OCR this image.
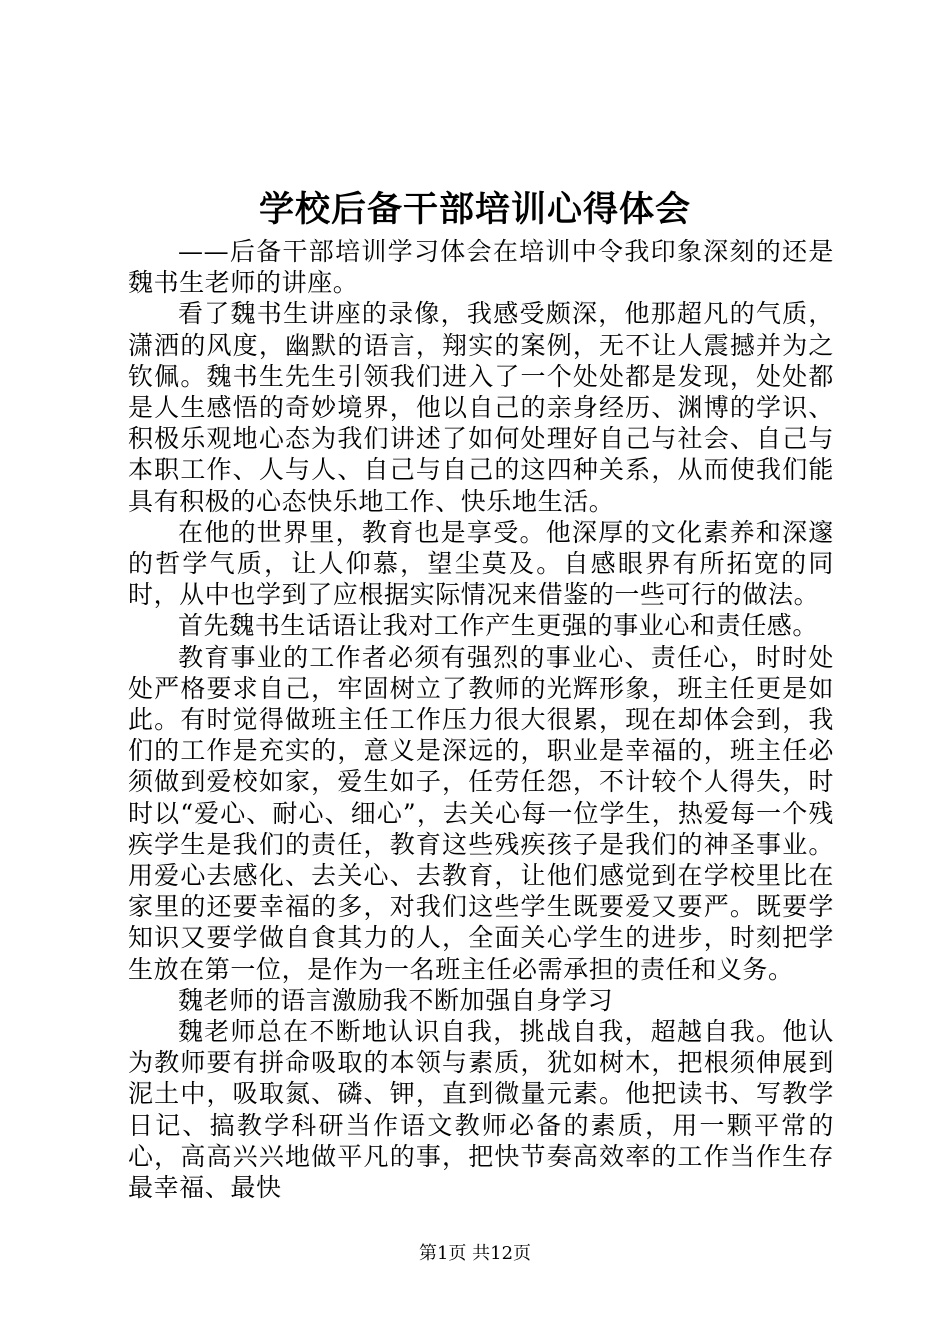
学校后备干部培训心得体会

——后备干部培训学习体会在培训中令我印象深刻的还是魏书生老师的讲座。

看了魏书生讲座的录像，我感受颇深，他那超凡的气质，潇洒的风度，幽默的语言，翔实的案例，无不让人震撼并为之钦佩。魏书生先生引领我们进入了一个处处都是发现，处处都是人生感悟的奇妙境界，他以自己的亲身经历、渊博的学识、积极乐观地心态为我们讲述了如何处理好自己与社会、自己与本职工作、人与人、自己与自己的这四种关系，从而使我们能具有积极的心态快乐地工作、快乐地生活。

在他的世界里，教育也是享受。他深厚的文化素养和深邃的哲学气质，让人仰慕，望尘莫及。自感眼界有所拓宽的同时，从中也学到了应根据实际情况来借鉴的一些可行的做法。

首先魏书生话语让我对工作产生更强的事业心和责任感。

教育事业的工作者必须有强烈的事业心、责任心，时时处处严格要求自己，牢固树立了教师的光辉形象，班主任更是如此。有时觉得做班主任工作压力很大很累，现在却体会到，我们的工作是充实的，意义是深远的，职业是幸福的，班主任必须做到爱校如家，爱生如子，任劳任怨，不计较个人得失，时时以“爱心、耐心、细心”，去关心每一位学生，热爱每一个残疾学生是我们的责任，教育这些残疾孩子是我们的神圣事业。用爱心去感化、去关心、去教育，让他们感觉到在学校里比在家里的还要幸福的多，对我们这些学生既要爱又要严。既要学知识又要学做自食其力的人，全面关心学生的进步，时刻把学生放在第一位，是作为一名班主任必需承担的责任和义务。

魏老师的语言激励我不断加强自身学习

魏老师总在不断地认识自我，挑战自我，超越自我。他认为教师要有拼命吸取的本领与素质，犹如树木，把根须伸展到泥土中，吸取氮、磷、钾，直到微量元素。他把读书、写教学日记、搞教学科研当作语文教师必备的素质，用一颗平常的心，高高兴兴地做平凡的事，把快节奏高效率的工作当作生存最幸福、最快

第1页 共12页
